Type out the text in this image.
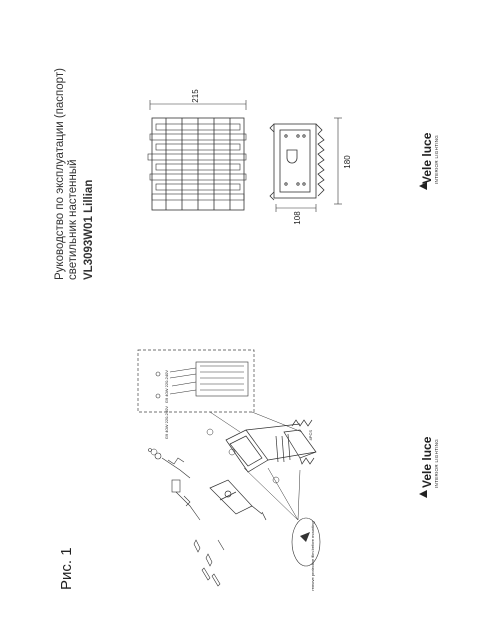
Руководство по эксплуатации (паспорт) светильник настенный VL3093W01 Lillian
Рис. 1
215
180
108
G9 40W 220-240V
G9 40W 220-240V	4PCS
remove protective film before mounting
Vele luce INTERIOR LIGHTING
Vele luce INTERIOR LIGHTING
